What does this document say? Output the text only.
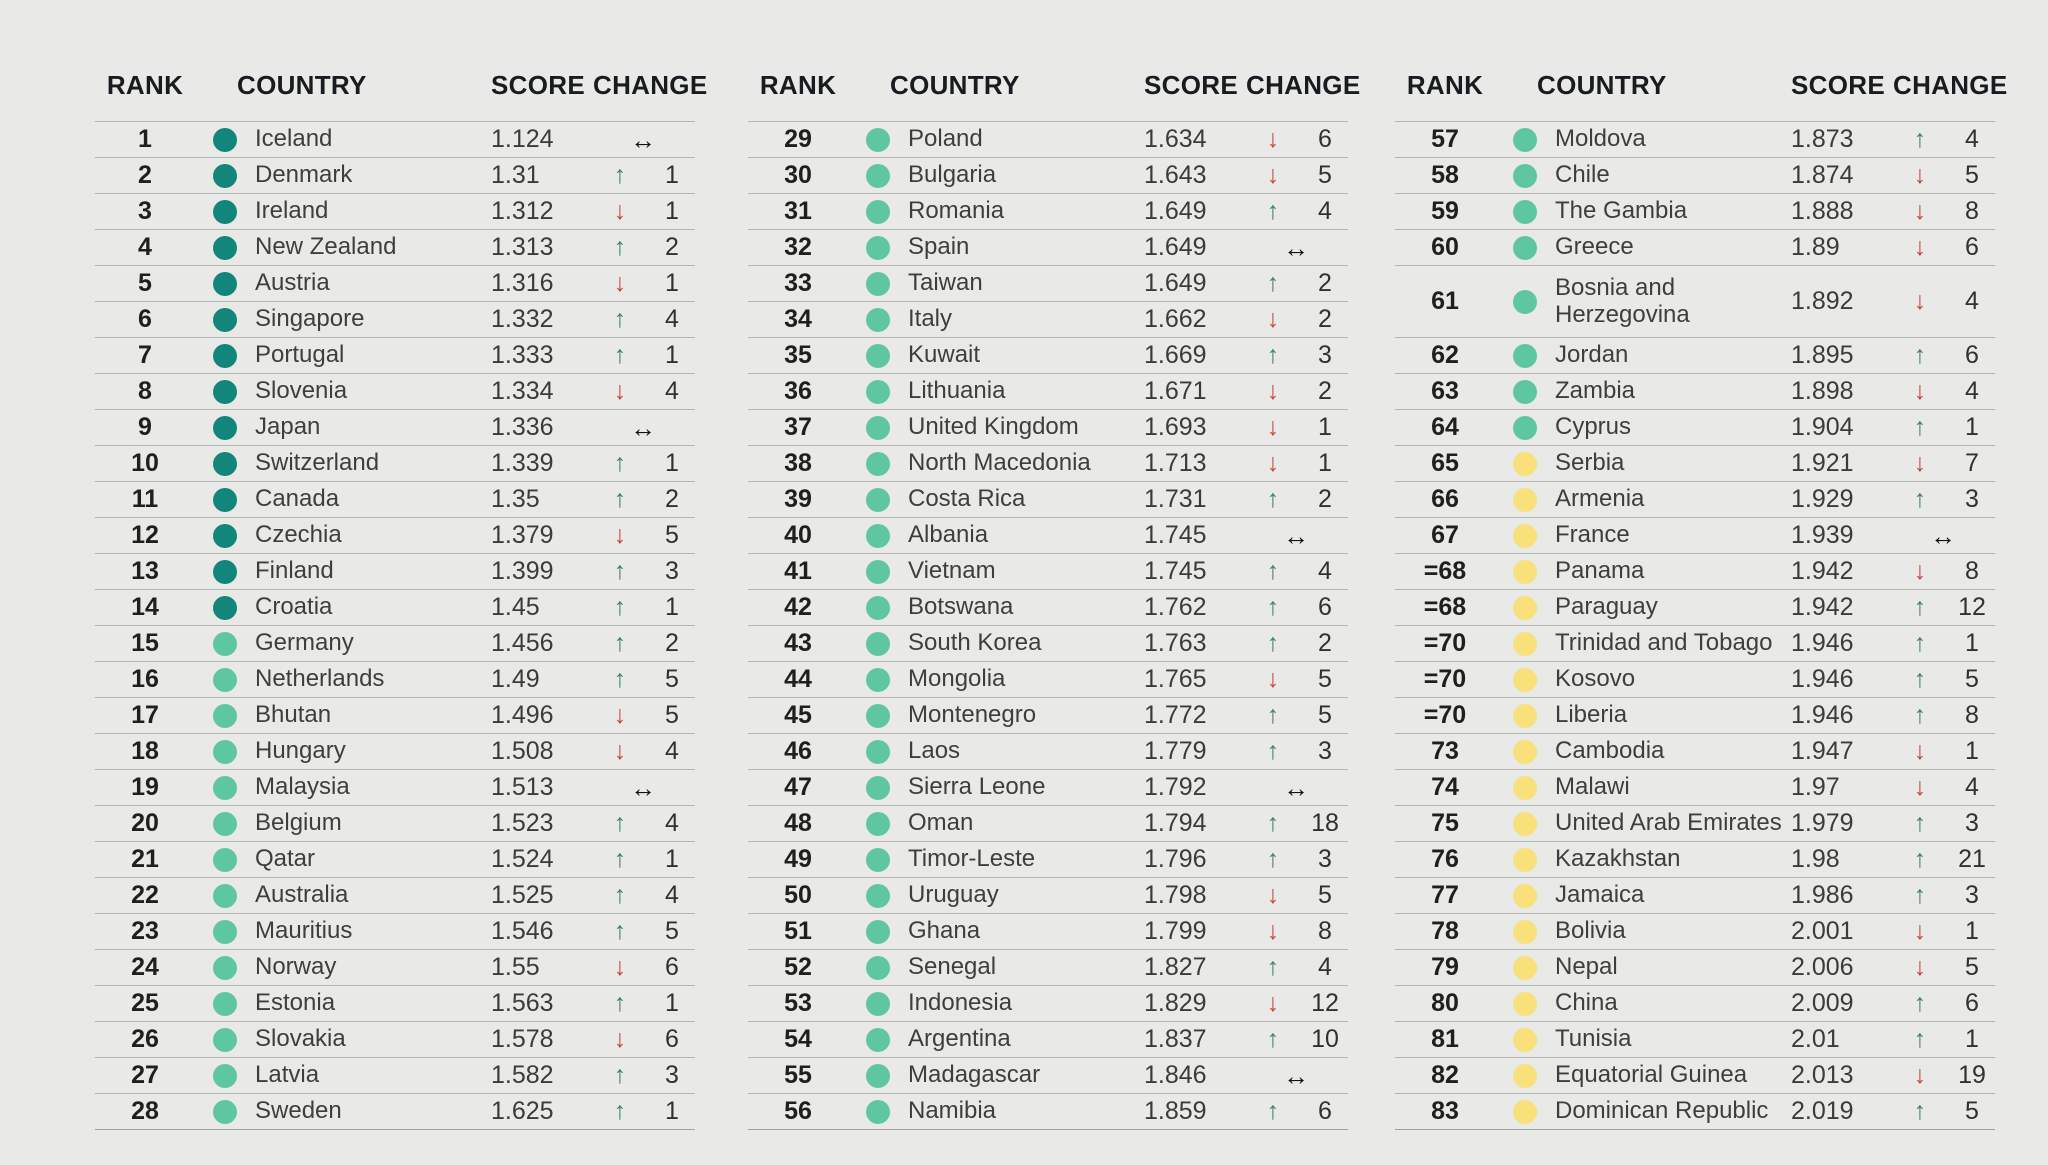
RANK	COUNTRY	SCORE CHANGE
1	Iceland	1.124	↔
2	Denmark	1.31	↑	1
3	Ireland	1.312	↓	1
4	New Zealand	1.313	↑	2
5	Austria	1.316	↓	1
6	Singapore	1.332	↑	4
7	Portugal	1.333	↑	1
8	Slovenia	1.334	↓	4
9	Japan	1.336	↔
10	Switzerland	1.339	↑	1
11	Canada	1.35	↑	2
12	Czechia	1.379	↓	5
13	Finland	1.399	↑	3
14	Croatia	1.45	↑	1
15	Germany	1.456	↑	2
16	Netherlands	1.49	↑	5
17	Bhutan	1.496	↓	5
18	Hungary	1.508	↓	4
19	Malaysia	1.513	↔
20	Belgium	1.523	↑	4
21	Qatar	1.524	↑	1
22	Australia	1.525	↑	4
23	Mauritius	1.546	↑	5
24	Norway	1.55	↓	6
25	Estonia	1.563	↑	1
26	Slovakia	1.578	↓	6
27	Latvia	1.582	↑	3
28	Sweden	1.625	↑	1
RANK	COUNTRY	SCORE CHANGE
29	Poland	1.634	↓	6
30	Bulgaria	1.643	↓	5
31	Romania	1.649	↑	4
32	Spain	1.649	↔
33	Taiwan	1.649	↑	2
34	Italy	1.662	↓	2
35	Kuwait	1.669	↑	3
36	Lithuania	1.671	↓	2
37	United Kingdom	1.693	↓	1
38	North Macedonia	1.713	↓	1
39	Costa Rica	1.731	↑	2
40	Albania	1.745	↔
41	Vietnam	1.745	↑	4
42	Botswana	1.762	↑	6
43	South Korea	1.763	↑	2
44	Mongolia	1.765	↓	5
45	Montenegro	1.772	↑	5
46	Laos	1.779	↑	3
47	Sierra Leone	1.792	↔
48	Oman	1.794	↑	18
49	Timor-Leste	1.796	↑	3
50	Uruguay	1.798	↓	5
51	Ghana	1.799	↓	8
52	Senegal	1.827	↑	4
53	Indonesia	1.829	↓	12
54	Argentina	1.837	↑	10
55	Madagascar	1.846	↔
56	Namibia	1.859	↑	6
RANK	COUNTRY	SCORE CHANGE
57	Moldova	1.873	↑	4
58	Chile	1.874	↓	5
59	The Gambia	1.888	↓	8
60	Greece	1.89	↓	6
61	Bosnia and Herzegovina	1.892	↓	4
62	Jordan	1.895	↑	6
63	Zambia	1.898	↓	4
64	Cyprus	1.904	↑	1
65	Serbia	1.921	↓	7
66	Armenia	1.929	↑	3
67	France	1.939	↔
=68	Panama	1.942	↓	8
=68	Paraguay	1.942	↑	12
=70	Trinidad and Tobago 1.946	↑	1
=70	Kosovo	1.946	↑	5
=70	Liberia	1.946	↑	8
73	Cambodia	1.947	↓	1
74	Malawi	1.97	↓	4
75	United Arab Emirates 1.979	↑	3
76	Kazakhstan	1.98	↑	21
77	Jamaica	1.986	↑	3
78	Bolivia	2.001	↓	1
79	Nepal	2.006	↓	5
80	China	2.009	↑	6
81	Tunisia	2.01	↑	1
82	Equatorial Guinea	2.013	↓	19
83	Dominican Republic 2.019	↑	5
